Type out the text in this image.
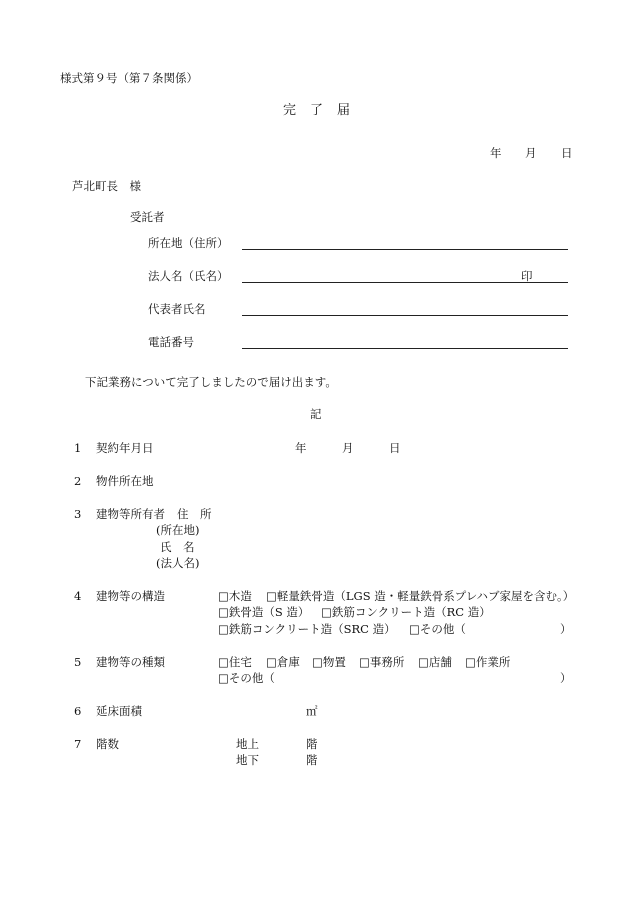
様式第９号（第７条関係）
完　了　届
年 月 日
芦北町長　様
受託者
所在地（住所）
法人名（氏名）	印
代表者氏名
電話番号
下記業務について完了しましたので届け出ます。
記
1 契約年月日	年	月	日
2 物件所在地
3 建物等所有者 住　所
(所在地)
氏　名
(法人名)
4 建物等の構造	□木造 □軽量鉄骨造（LGS 造・軽量鉄骨系プレハブ家屋を含む。）
□鉄骨造（S 造） □鉄筋コンクリート造（RC 造）
□鉄筋コンクリート造（SRC 造） □その他（	）
5 建物等の種類	□住宅 □倉庫 □物置 □事務所 □店舗 □作業所
□その他（	）
6 延床面積	㎡
7 階数	地上	階
地下	階
